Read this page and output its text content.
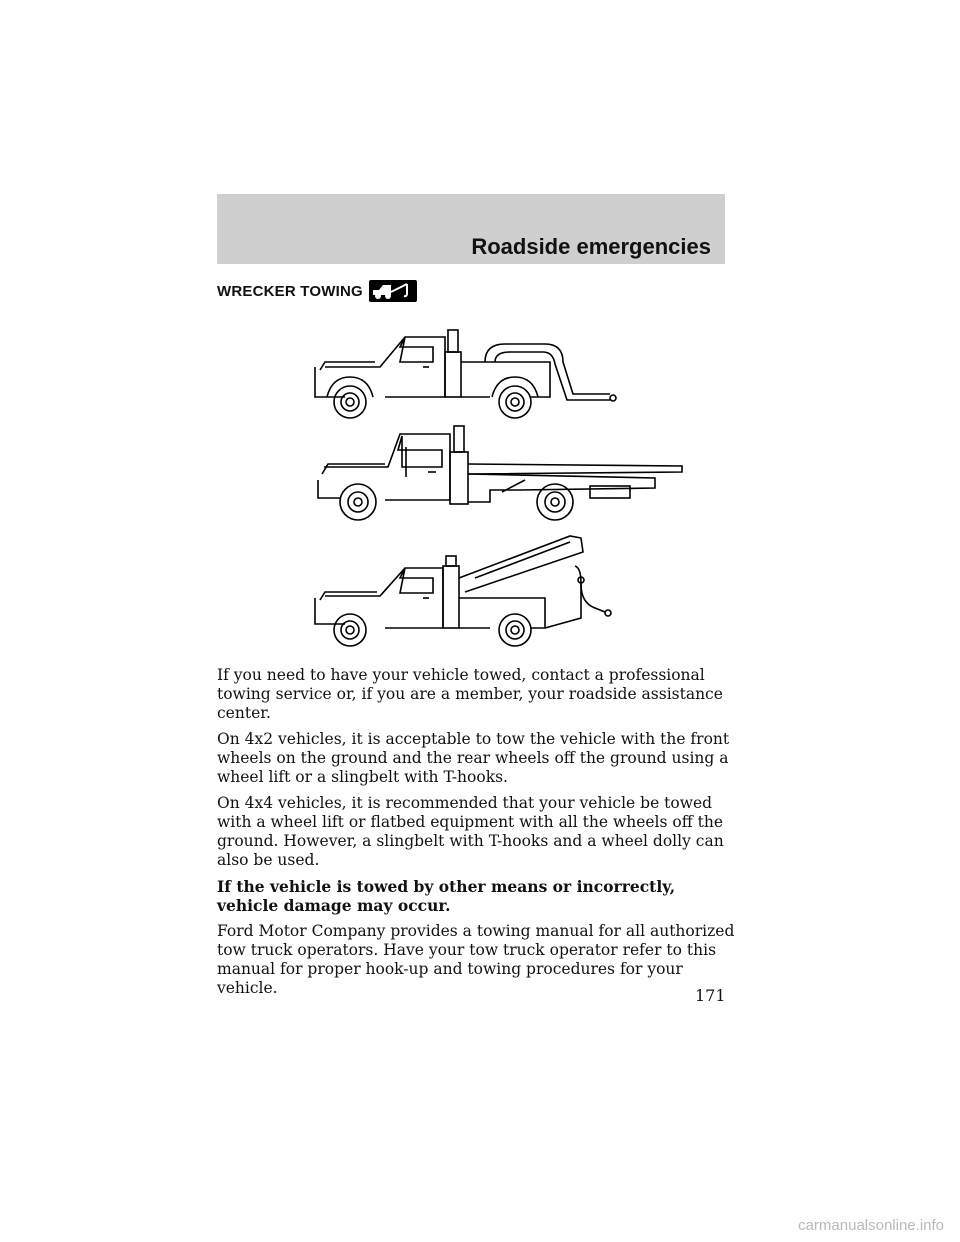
Roadside emergencies
WRECKER TOWING

If you need to have your vehicle towed, contact a professional towing service or, if you are a member, your roadside assistance center.

On 4x2 vehicles, it is acceptable to tow the vehicle with the front wheels on the ground and the rear wheels off the ground using a wheel lift or a slingbelt with T-hooks.

On 4x4 vehicles, it is recommended that your vehicle be towed with a wheel lift or flatbed equipment with all the wheels off the ground. However, a slingbelt with T-hooks and a wheel dolly can also be used.

If the vehicle is towed by other means or incorrectly, vehicle damage may occur.

Ford Motor Company provides a towing manual for all authorized tow truck operators. Have your tow truck operator refer to this manual for proper hook-up and towing procedures for your vehicle.	171
carmanualsonline.info
